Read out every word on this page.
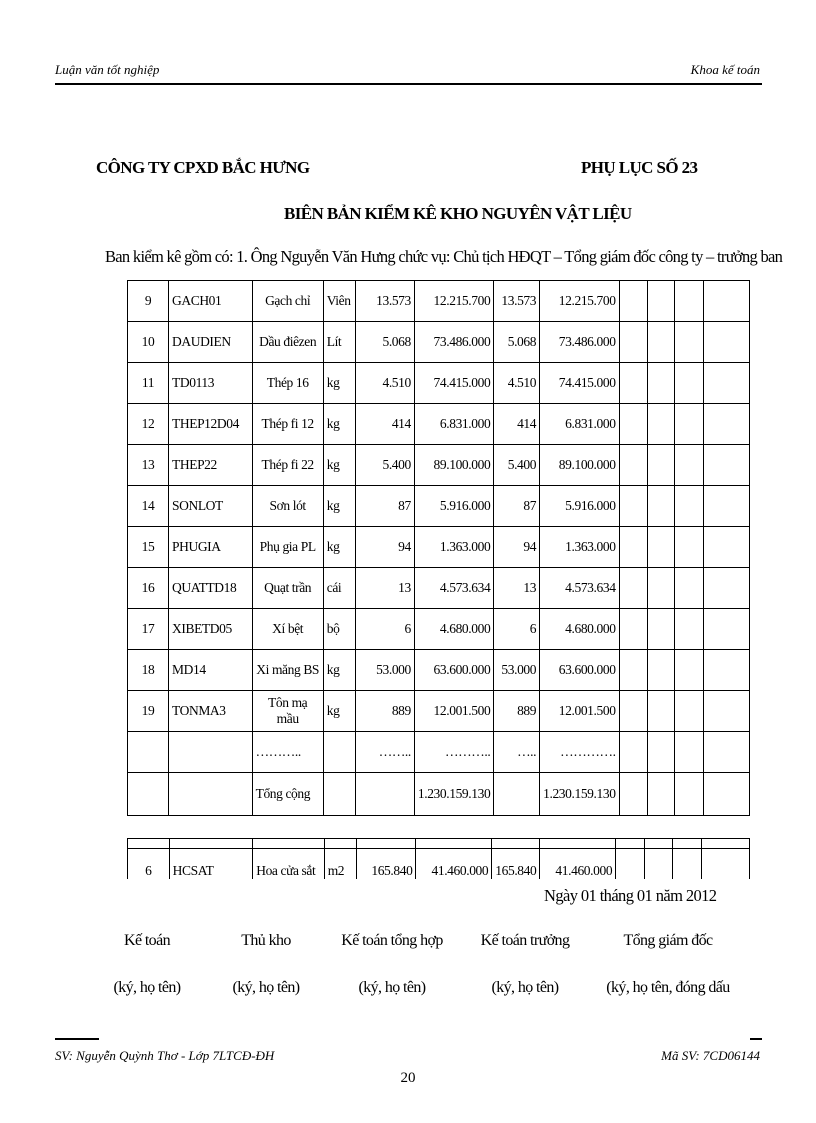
Luận văn tốt nghiệp	Khoa kế toán
CÔNG TY CPXD BẮC HƯNG	PHỤ LỤC SỐ 23
BIÊN BẢN KIỂM KÊ KHO NGUYÊN VẬT LIỆU
Ban kiểm kê gồm có: 1. Ông Nguyễn Văn Hưng chức vụ: Chủ tịch HĐQT – Tổng giám đốc công ty – trưởng ban
9	GACH01	Gạch chỉ	Viên	13.573	12.215.700	13.573	12.215.700				
10	DAUDIEN	Dầu điêzen	Lít	5.068	73.486.000	5.068	73.486.000				
11	TD0113	Thép 16	kg	4.510	74.415.000	4.510	74.415.000				
12	THEP12D04	Thép fi 12	kg	414	6.831.000	414	6.831.000				
13	THEP22	Thép fi 22	kg	5.400	89.100.000	5.400	89.100.000				
14	SONLOT	Sơn lót	kg	87	5.916.000	87	5.916.000				
15	PHUGIA	Phụ gia PL	kg	94	1.363.000	94	1.363.000				
16	QUATTD18	Quạt trần	cái	13	4.573.634	13	4.573.634				
17	XIBETD05	Xí bệt	bộ	6	4.680.000	6	4.680.000				
18	MD14	Xi măng BS	kg	53.000	63.600.000	53.000	63.600.000				
19	TONMA3	Tôn mạ mầu	kg	889	12.001.500	889	12.001.500				
		………..		……..	………..	…..	………….				
		Tổng cộng			1.230.159.130		1.230.159.130				
6	HCSAT	Hoa cửa sắt	m2	165.840	41.460.000	165.840	41.460.000				
Ngày 01 tháng 01 năm 2012
Kế toán
(ký, họ tên)
Thủ kho
(ký, họ tên)
Kế toán tổng hợp
(ký, họ tên)
Kế toán trưởng
(ký, họ tên)
Tổng giám đốc
(ký, họ tên, đóng dấu
SV: Nguyễn Quỳnh Thơ - Lớp 7LTCĐ-ĐH	Mã SV: 7CD06144
20
